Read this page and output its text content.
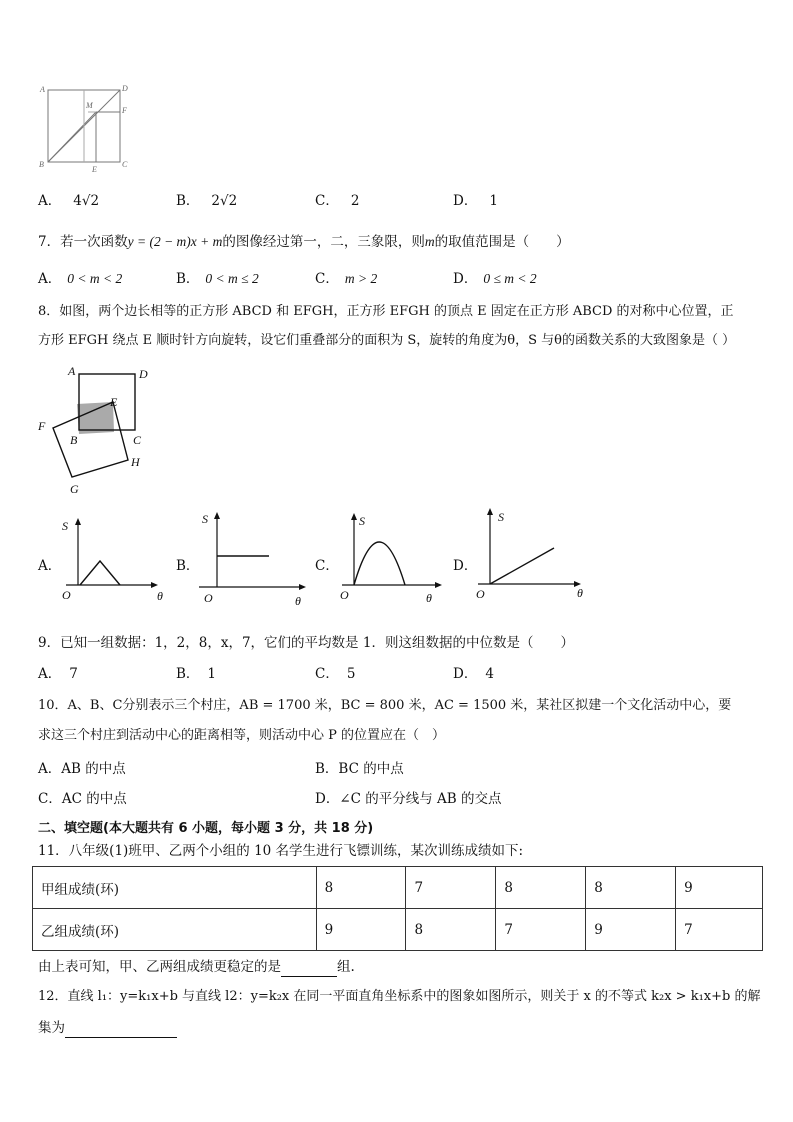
A	D
M
F
B
E
C
A． 4√2	B． 2√2	C． 2	D． 1
7．若一次函数y = (2 − m)x + m的图像经过第一，二，三象限，则m的取值范围是（　　）
A． 0 < m < 2	B． 0 < m ≤ 2	C． m > 2	D． 0 ≤ m < 2
8．如图，两个边长相等的正方形 ABCD 和 EFGH，正方形 EFGH 的顶点 E 固定在正方形 ABCD 的对称中心位置，正
方形 EFGH 绕点 E 顺时针方向旋转，设它们重叠部分的面积为 S，旋转的角度为θ，S 与θ的函数关系的大致图象是（ ）
A	D
E
F
B	C
H
G
A．
S
O	θ
B．
S
O	θ
C．
S
O	θ
D．
S
O	θ
9．已知一组数据：1，2，8，x，7，它们的平均数是 1．则这组数据的中位数是（　　）
A． 7	B． 1	C． 5	D． 4
10．A、B、C分别表示三个村庄，AB = 1700 米，BC = 800 米，AC = 1500 米，某社区拟建一个文化活动中心，要
求这三个村庄到活动中心的距离相等，则活动中心 P 的位置应在（　）
A．AB 的中点	B．BC 的中点
C．AC 的中点	D．∠C 的平分线与 AB 的交点
二、填空题(本大题共有 6 小题，每小题 3 分，共 18 分)
11．八年级(1)班甲、乙两个小组的 10 名学生进行飞镖训练，某次训练成绩如下:
甲组成绩(环)	8	7	8	8	9
乙组成绩(环)	9	8	7	9	7
由上表可知，甲、乙两组成绩更稳定的是	组.
12．直线 l₁：y=k₁x+b 与直线 l2：y=k₂x 在同一平面直角坐标系中的图象如图所示，则关于 x 的不等式 k₂x > k₁x+b 的解
集为
